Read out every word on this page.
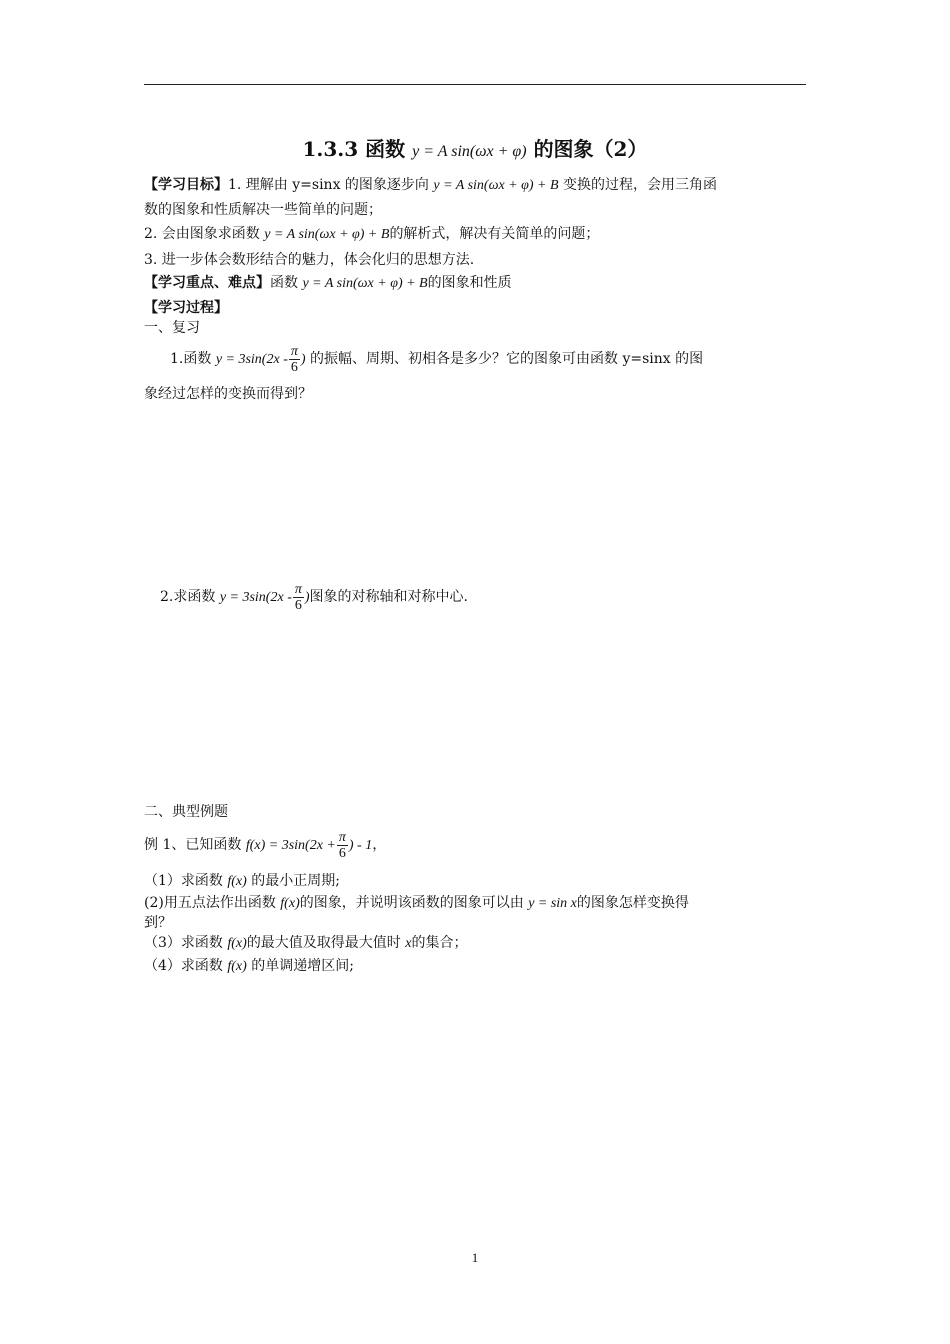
1.3.3 函数 y = A sin(ωx + φ) 的图象（2）
【学习目标】1. 理解由 y=sinx 的图象逐步向 y = A sin(ωx + φ) + B 变换的过程，会用三角函
数的图象和性质解决一些简单的问题；
2. 会由图象求函数 y = A sin(ωx + φ) + B的解析式，解决有关简单的问题；
3. 进一步体会数形结合的魅力，体会化归的思想方法.
【学习重点、难点】函数 y = A sin(ωx + φ) + B的图象和性质
【学习过程】
一、复习
1.函数 $y = 3\sin(2x - \frac{\pi}{6}$ ) 的振幅、周期、初相各是多少？它的图象可由函数 y=sinx 的图
象经过怎样的变换而得到？
2.求函数 $y = 3\sin(2x - \frac{\pi}{6}$ )图象的对称轴和对称中心.
二、典型例题
例 1、已知函数 $f(x) = 3\sin(2x + \frac{\pi}{6}$ ) - 1，
（1）求函数 f(x) 的最小正周期;
(2)用五点法作出函数 f(x)的图象，并说明该函数的图象可以由 y = sin x的图象怎样变换得
到？
（3）求函数 f(x)的最大值及取得最大值时 x的集合；
（4）求函数 f(x) 的单调递增区间;
1
